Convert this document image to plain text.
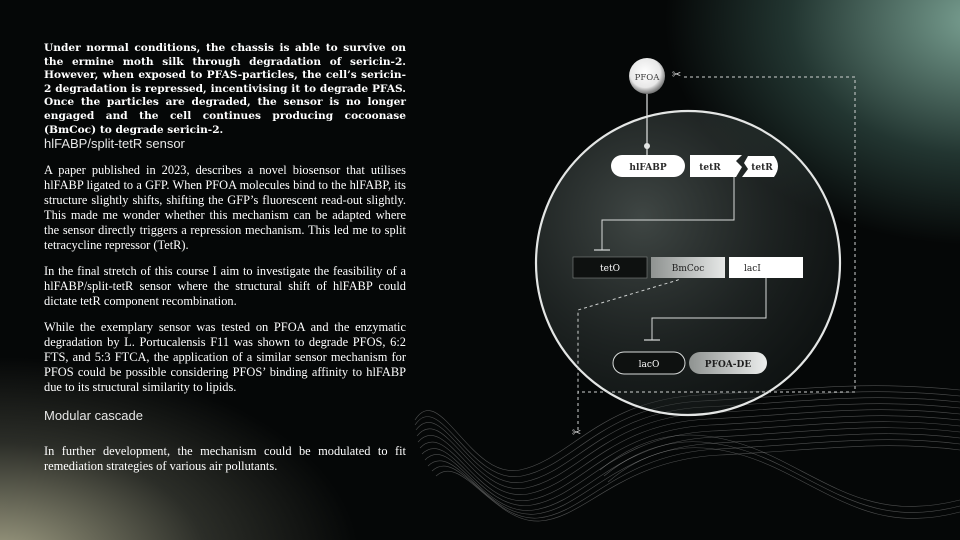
Under normal conditions, the chassis is able to survive on the ermine moth silk through degradation of sericin-2. However, when exposed to PFAS-particles, the cell’s sericin-2 degradation is repressed, incentivising it to degrade PFAS. Once the particles are degraded, the sensor is no longer engaged and the cell continues producing cocoonase (BmCoc) to degrade sericin-2.

hlFABP/split-tetR sensor

A paper published in 2023, describes a novel biosensor that utilises hlFABP ligated to a GFP. When PFOA molecules bind to the hlFABP, its structure slightly shifts, shifting the GFP’s fluorescent read-out slightly. This made me wonder whether this mechanism can be adapted where the sensor directly triggers a repression mechanism. This led me to split tetracycline repressor (TetR).

In the final stretch of this course I aim to investigate the feasibility of a hlFABP/split-tetR sensor where the structural shift of hlFABP could dictate tetR component recombination.

While the exemplary sensor was tested on PFOA and the enzymatic degradation by L. Portucalensis F11 was shown to degrade PFOS, 6:2 FTS, and 5:3 FTCA, the application of a similar sensor mechanism for PFOS could be possible considering PFOS’ binding affinity to hlFABP due to its structural similarity to lipids.

Modular cascade

In further development, the mechanism could be modulated to fit remediation strategies of various air pollutants.

✂
✂
PFOA
hlFABP	tetR	tetR
tetO	BmCoc	lacI
lacO	PFOA-DE
